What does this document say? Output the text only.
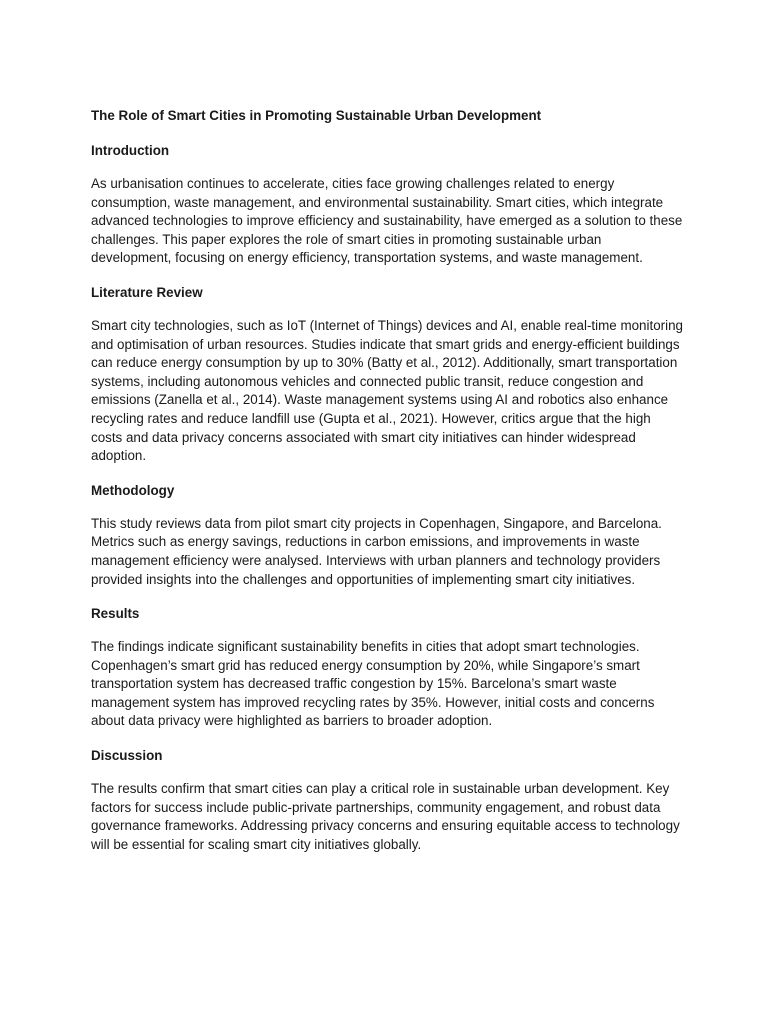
The Role of Smart Cities in Promoting Sustainable Urban Development
Introduction
As urbanisation continues to accelerate, cities face growing challenges related to energy consumption, waste management, and environmental sustainability. Smart cities, which integrate advanced technologies to improve efficiency and sustainability, have emerged as a solution to these challenges. This paper explores the role of smart cities in promoting sustainable urban development, focusing on energy efficiency, transportation systems, and waste management.
Literature Review
Smart city technologies, such as IoT (Internet of Things) devices and AI, enable real-time monitoring and optimisation of urban resources. Studies indicate that smart grids and energy-efficient buildings can reduce energy consumption by up to 30% (Batty et al., 2012). Additionally, smart transportation systems, including autonomous vehicles and connected public transit, reduce congestion and emissions (Zanella et al., 2014). Waste management systems using AI and robotics also enhance recycling rates and reduce landfill use (Gupta et al., 2021). However, critics argue that the high costs and data privacy concerns associated with smart city initiatives can hinder widespread adoption.
Methodology
This study reviews data from pilot smart city projects in Copenhagen, Singapore, and Barcelona. Metrics such as energy savings, reductions in carbon emissions, and improvements in waste management efficiency were analysed. Interviews with urban planners and technology providers provided insights into the challenges and opportunities of implementing smart city initiatives.
Results
The findings indicate significant sustainability benefits in cities that adopt smart technologies. Copenhagen’s smart grid has reduced energy consumption by 20%, while Singapore’s smart transportation system has decreased traffic congestion by 15%. Barcelona’s smart waste management system has improved recycling rates by 35%. However, initial costs and concerns about data privacy were highlighted as barriers to broader adoption.
Discussion
The results confirm that smart cities can play a critical role in sustainable urban development. Key factors for success include public-private partnerships, community engagement, and robust data governance frameworks. Addressing privacy concerns and ensuring equitable access to technology will be essential for scaling smart city initiatives globally.
